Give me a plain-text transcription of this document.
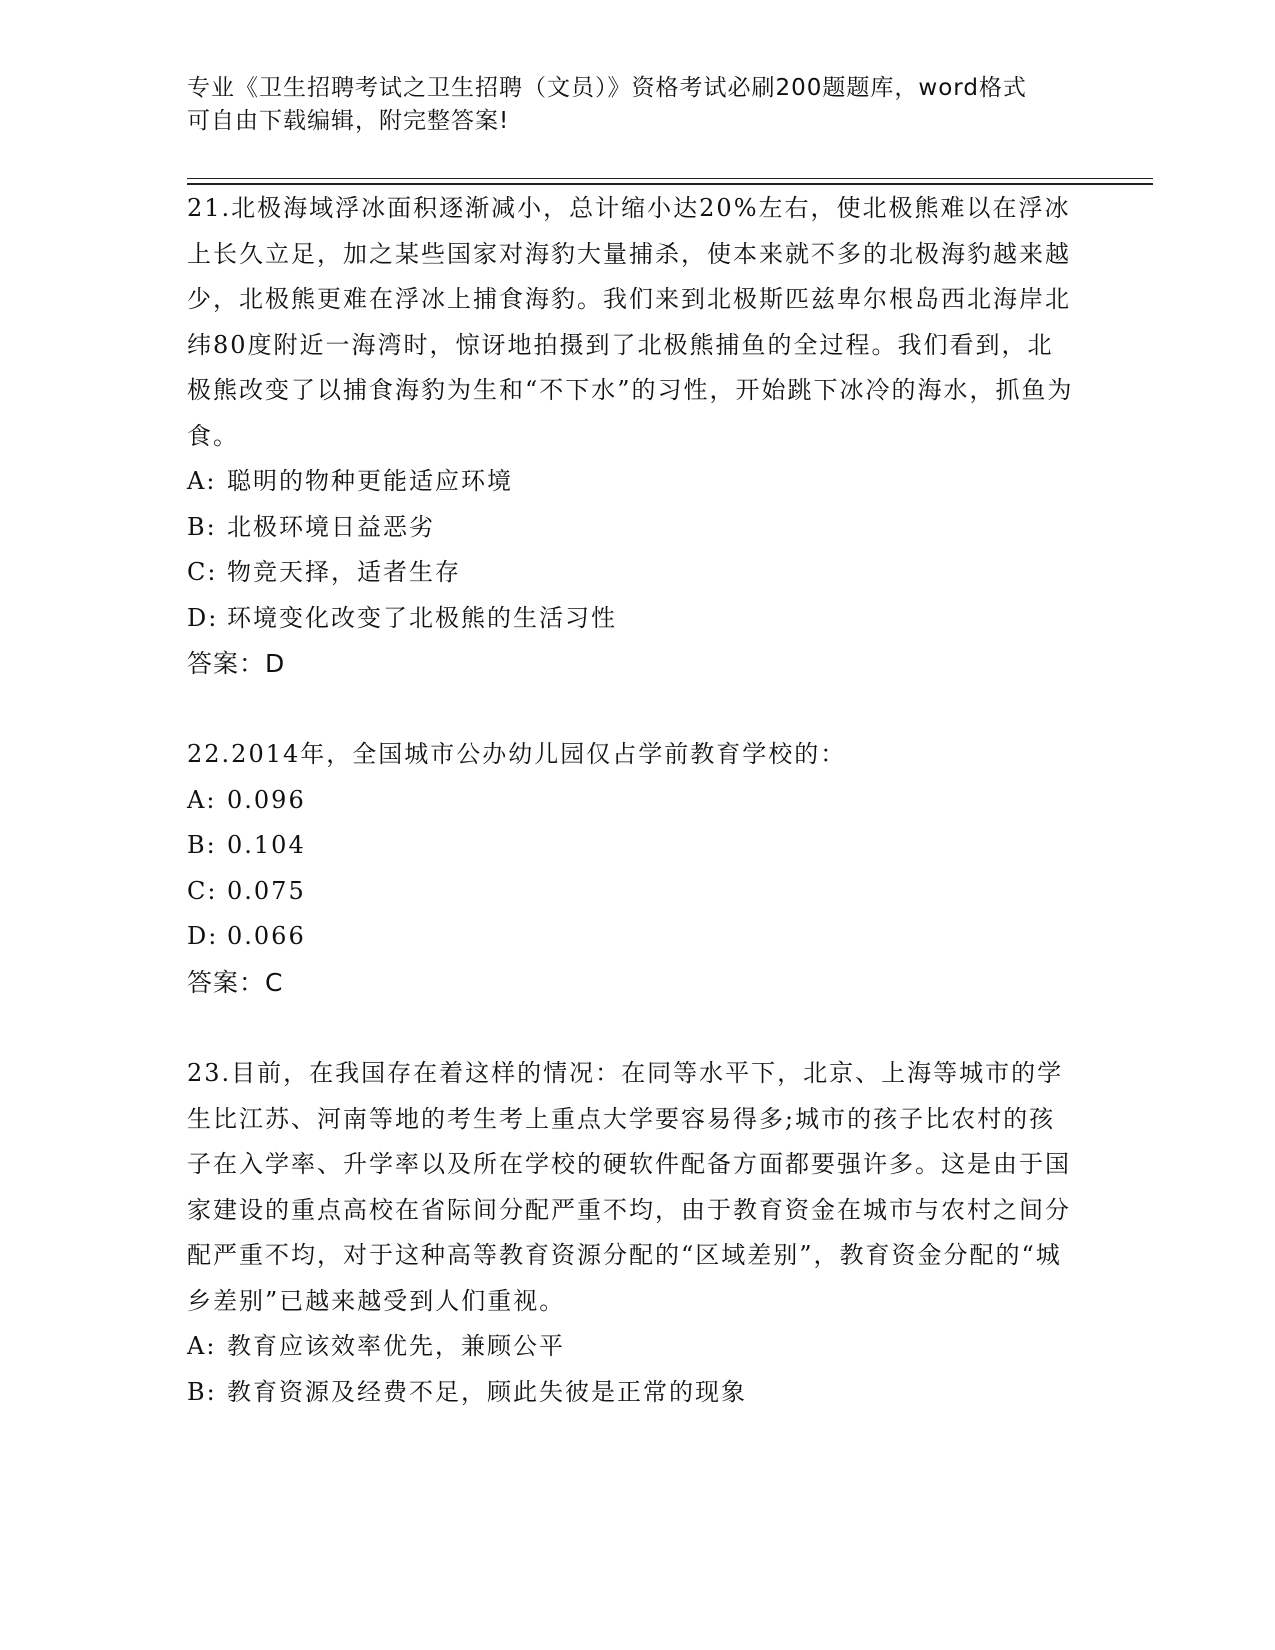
专业《卫生招聘考试之卫生招聘（文员）》资格考试必刷200题题库，word格式
可自由下载编辑，附完整答案!

21.北极海域浮冰面积逐渐减小，总计缩小达20%左右，使北极熊难以在浮冰上长久立足，加之某些国家对海豹大量捕杀，使本来就不多的北极海豹越来越少，北极熊更难在浮冰上捕食海豹。我们来到北极斯匹兹卑尔根岛西北海岸北纬80度附近一海湾时，惊讶地拍摄到了北极熊捕鱼的全过程。我们看到，北极熊改变了以捕食海豹为生和“不下水”的习性，开始跳下冰冷的海水，抓鱼为食。

A: 聪明的物种更能适应环境
B: 北极环境日益恶劣
C: 物竞天择，适者生存
D: 环境变化改变了北极熊的生活习性
答案：D

22.2014年，全国城市公办幼儿园仅占学前教育学校的：

A: 0.096
B: 0.104
C: 0.075
D: 0.066
答案：C

23.目前，在我国存在着这样的情况：在同等水平下，北京、上海等城市的学生比江苏、河南等地的考生考上重点大学要容易得多;城市的孩子比农村的孩子在入学率、升学率以及所在学校的硬软件配备方面都要强许多。这是由于国家建设的重点高校在省际间分配严重不均，由于教育资金在城市与农村之间分配严重不均，对于这种高等教育资源分配的“区域差别”，教育资金分配的“城乡差别”已越来越受到人们重视。

A: 教育应该效率优先，兼顾公平
B: 教育资源及经费不足，顾此失彼是正常的现象
